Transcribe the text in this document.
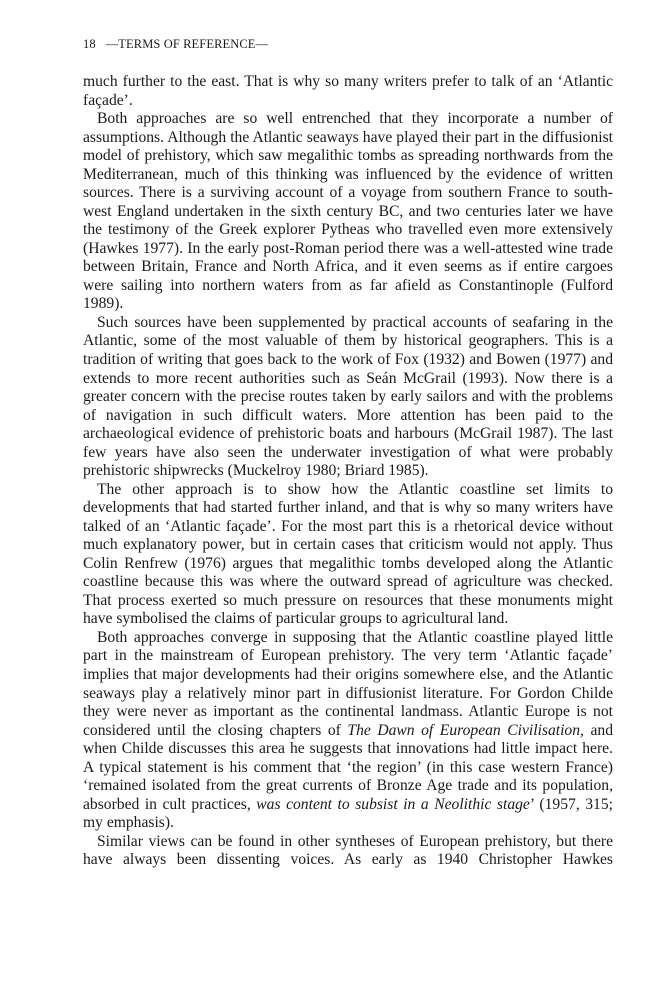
18 —TERMS OF REFERENCE—

much further to the east. That is why so many writers prefer to talk of an ‘Atlantic façade’.

Both approaches are so well entrenched that they incorporate a number of assumptions. Although the Atlantic seaways have played their part in the diffusionist model of prehistory, which saw megalithic tombs as spreading northwards from the Mediterranean, much of this thinking was influenced by the evidence of written sources. There is a surviving account of a voyage from southern France to south-west England undertaken in the sixth century BC, and two centuries later we have the testimony of the Greek explorer Pytheas who travelled even more extensively (Hawkes 1977). In the early post-Roman period there was a well-attested wine trade between Britain, France and North Africa, and it even seems as if entire cargoes were sailing into northern waters from as far afield as Constantinople (Fulford 1989).

Such sources have been supplemented by practical accounts of seafaring in the Atlantic, some of the most valuable of them by historical geographers. This is a tradition of writing that goes back to the work of Fox (1932) and Bowen (1977) and extends to more recent authorities such as Seán McGrail (1993). Now there is a greater concern with the precise routes taken by early sailors and with the problems of navigation in such difficult waters. More attention has been paid to the archaeological evidence of prehistoric boats and harbours (McGrail 1987). The last few years have also seen the underwater investigation of what were probably prehistoric shipwrecks (Muckelroy 1980; Briard 1985).

The other approach is to show how the Atlantic coastline set limits to developments that had started further inland, and that is why so many writers have talked of an ‘Atlantic façade’. For the most part this is a rhetorical device without much explanatory power, but in certain cases that criticism would not apply. Thus Colin Renfrew (1976) argues that megalithic tombs developed along the Atlantic coastline because this was where the outward spread of agriculture was checked. That process exerted so much pressure on resources that these monuments might have symbolised the claims of particular groups to agricultural land.

Both approaches converge in supposing that the Atlantic coastline played little part in the mainstream of European prehistory. The very term ‘Atlantic façade’ implies that major developments had their origins somewhere else, and the Atlantic seaways play a relatively minor part in diffusionist literature. For Gordon Childe they were never as important as the continental landmass. Atlantic Europe is not considered until the closing chapters of The Dawn of European Civilisation, and when Childe discusses this area he suggests that innovations had little impact here. A typical statement is his comment that ‘the region’ (in this case western France) ‘remained isolated from the great currents of Bronze Age trade and its population, absorbed in cult practices, was content to subsist in a Neolithic stage’ (1957, 315; my emphasis).

Similar views can be found in other syntheses of European prehistory, but there have always been dissenting voices. As early as 1940 Christopher Hawkes
